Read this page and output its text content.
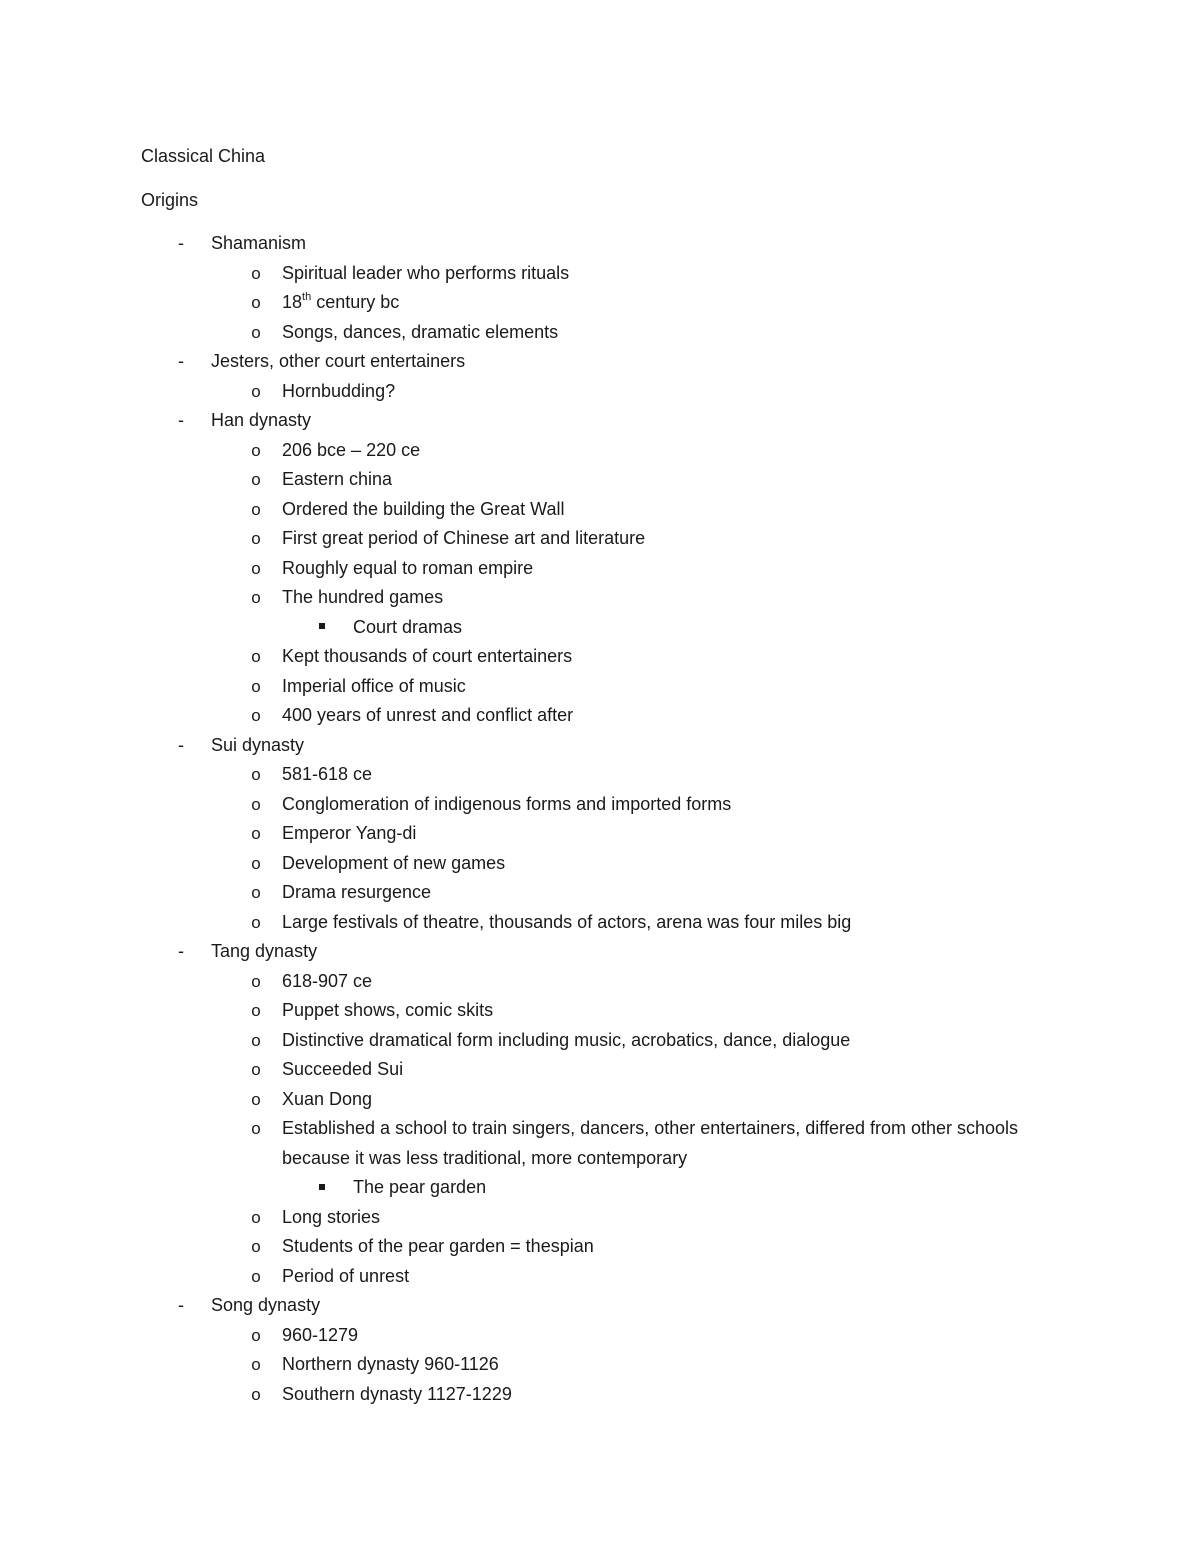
Classical China
Origins
-	Shamanism
o Spiritual leader who performs rituals
o 18th century bc
o Songs, dances, dramatic elements
-	Jesters, other court entertainers
o Hornbudding?
-	Han dynasty
o 206 bce – 220 ce
o Eastern china
o Ordered the building the Great Wall
o First great period of Chinese art and literature
o Roughly equal to roman empire
o The hundred games
Court dramas
o Kept thousands of court entertainers
o Imperial office of music
o 400 years of unrest and conflict after
-	Sui dynasty
o 581-618 ce
o Conglomeration of indigenous forms and imported forms
o Emperor Yang-di
o Development of new games
o Drama resurgence
o Large festivals of theatre, thousands of actors, arena was four miles big
-	Tang dynasty
o 618-907 ce
o Puppet shows, comic skits
o Distinctive dramatical form including music, acrobatics, dance, dialogue
o Succeeded Sui
o Xuan Dong
o Established a school to train singers, dancers, other entertainers, differed from other schools because it was less traditional, more contemporary
The pear garden
o Long stories
o Students of the pear garden = thespian
o Period of unrest
-	Song dynasty
o 960-1279
o Northern dynasty 960-1126
o Southern dynasty 1127-1229
